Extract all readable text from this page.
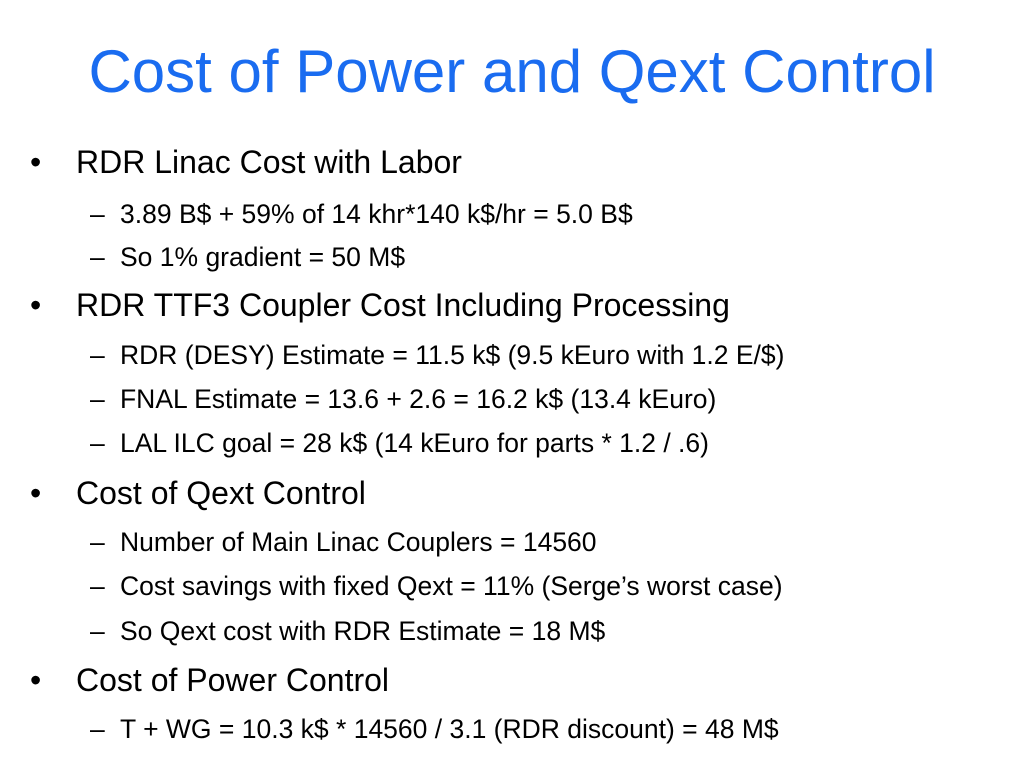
Cost of Power and Qext Control
• RDR Linac Cost with Labor
– 3.89 B$ + 59% of 14 khr*140 k$/hr = 5.0 B$
– So 1% gradient = 50 M$
• RDR TTF3 Coupler Cost Including Processing
– RDR (DESY) Estimate = 11.5 k$ (9.5 kEuro with 1.2 E/$)
– FNAL Estimate = 13.6 + 2.6 = 16.2 k$ (13.4 kEuro)
– LAL ILC goal = 28 k$ (14 kEuro for parts * 1.2 / .6)
• Cost of Qext Control
– Number of Main Linac Couplers = 14560
– Cost savings with fixed Qext = 11% (Serge’s worst case)
– So Qext cost with RDR Estimate = 18 M$
• Cost of Power Control
– T + WG = 10.3 k$ * 14560 / 3.1 (RDR discount) = 48 M$
